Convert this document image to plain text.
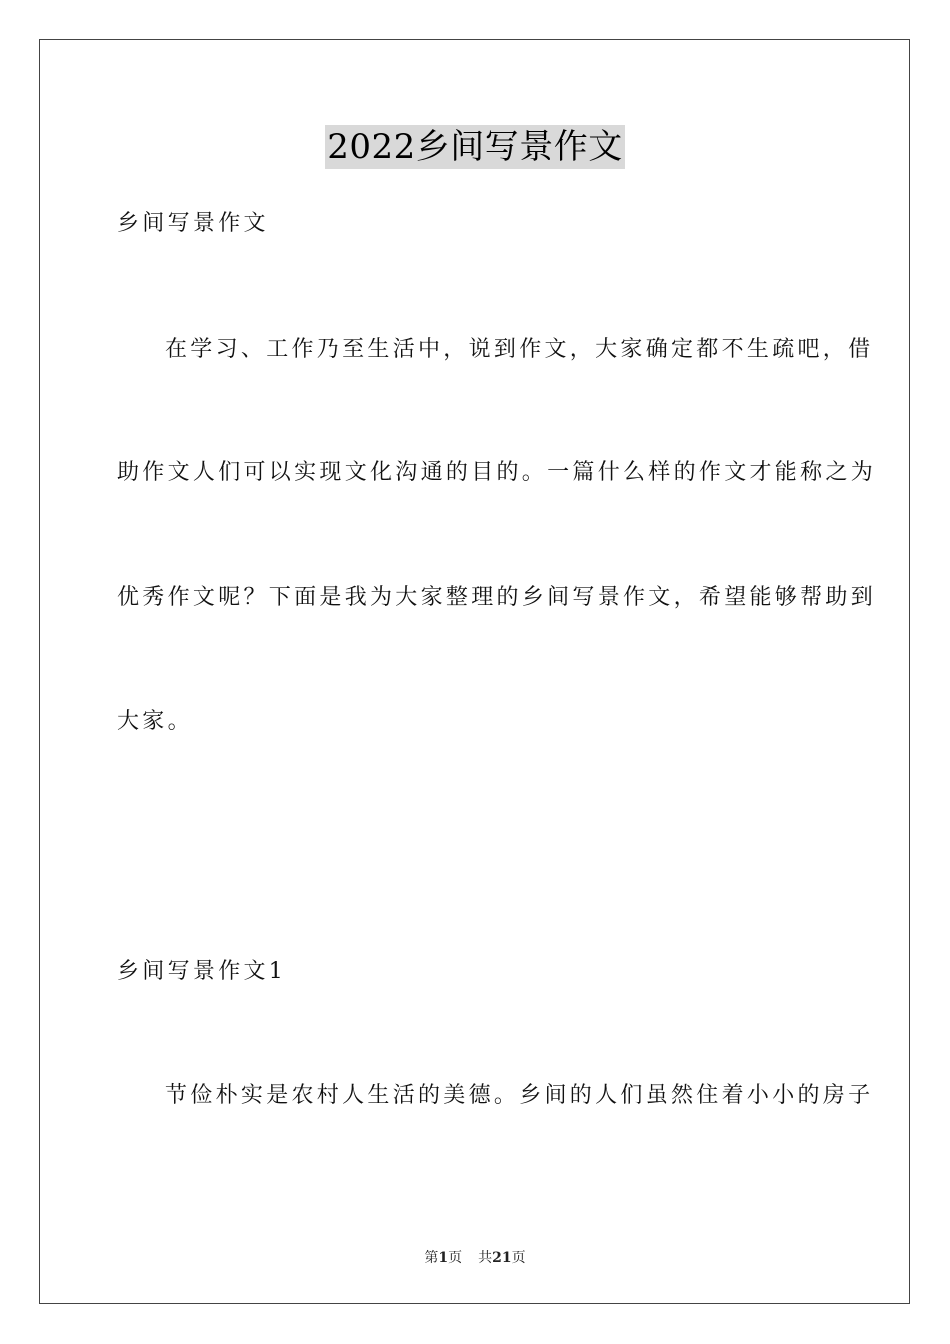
2022乡间写景作文
乡间写景作文
在学习、工作乃至生活中，说到作文，大家确定都不生疏吧，借
助作文人们可以实现文化沟通的目的。一篇什么样的作文才能称之为
优秀作文呢？下面是我为大家整理的乡间写景作文，希望能够帮助到
大家。
乡间写景作文1
节俭朴实是农村人生活的美德。乡间的人们虽然住着小小的房子
第1页 共21页
